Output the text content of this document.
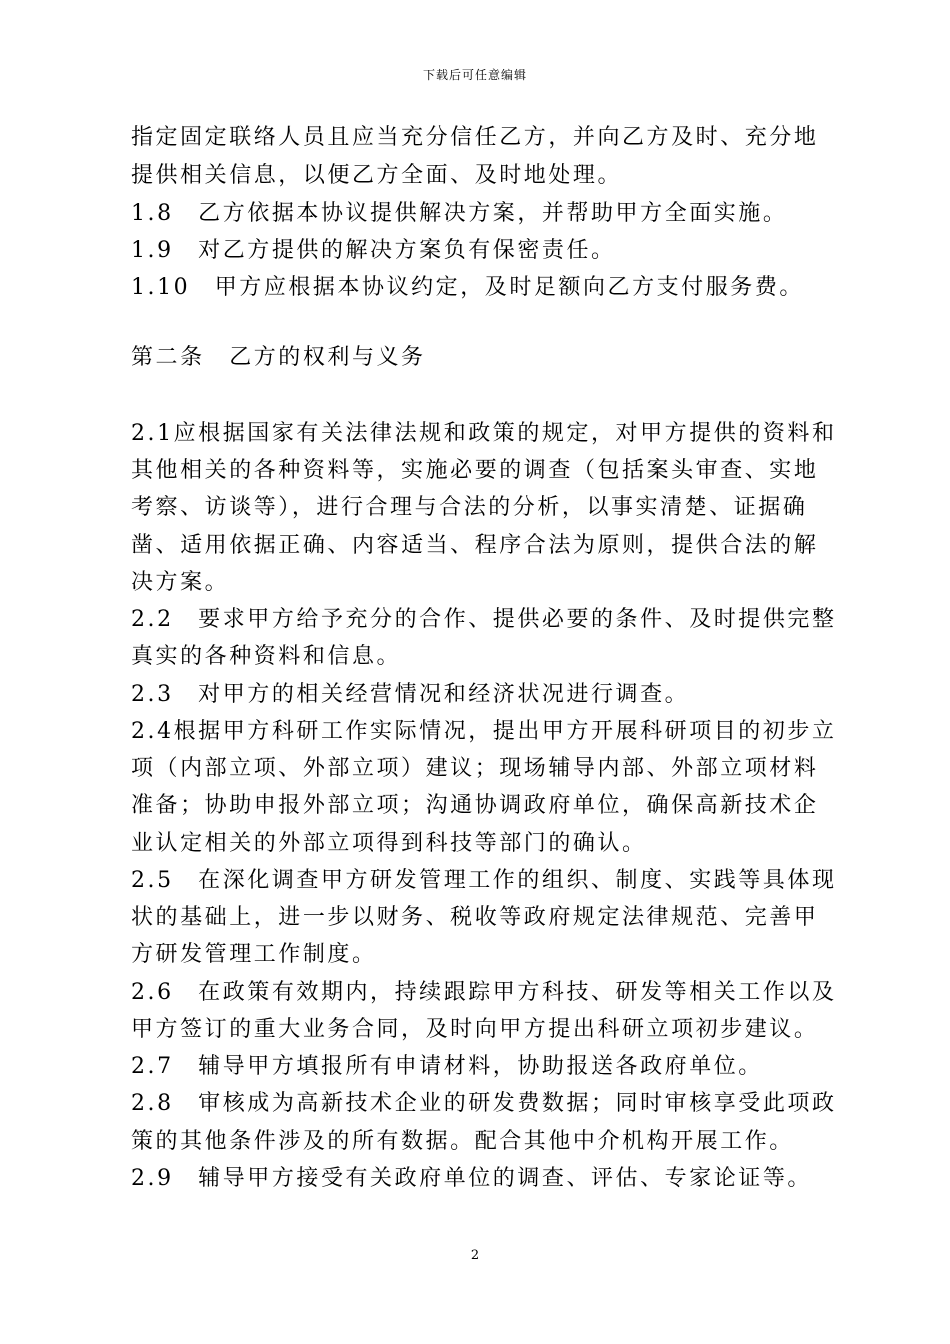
下载后可任意编辑
指定固定联络人员且应当充分信任乙方，并向乙方及时、充分地
提供相关信息，以便乙方全面、及时地处理。
1.8　乙方依据本协议提供解决方案，并帮助甲方全面实施。
1.9　对乙方提供的解决方案负有保密责任。
1.10　甲方应根据本协议约定，及时足额向乙方支付服务费。
第二条　乙方的权利与义务
2.1应根据国家有关法律法规和政策的规定，对甲方提供的资料和
其他相关的各种资料等，实施必要的调查（包括案头审查、实地
考察、访谈等），进行合理与合法的分析，以事实清楚、证据确
凿、适用依据正确、内容适当、程序合法为原则，提供合法的解
决方案。
2.2　要求甲方给予充分的合作、提供必要的条件、及时提供完整
真实的各种资料和信息。
2.3　对甲方的相关经营情况和经济状况进行调查。
2.4根据甲方科研工作实际情况，提出甲方开展科研项目的初步立
项（内部立项、外部立项）建议；现场辅导内部、外部立项材料
准备；协助申报外部立项；沟通协调政府单位，确保高新技术企
业认定相关的外部立项得到科技等部门的确认。
2.5　在深化调查甲方研发管理工作的组织、制度、实践等具体现
状的基础上，进一步以财务、税收等政府规定法律规范、完善甲
方研发管理工作制度。
2.6　在政策有效期内，持续跟踪甲方科技、研发等相关工作以及
甲方签订的重大业务合同，及时向甲方提出科研立项初步建议。
2.7　辅导甲方填报所有申请材料，协助报送各政府单位。
2.8　审核成为高新技术企业的研发费数据；同时审核享受此项政
策的其他条件涉及的所有数据。配合其他中介机构开展工作。
2.9　辅导甲方接受有关政府单位的调查、评估、专家论证等。
2
